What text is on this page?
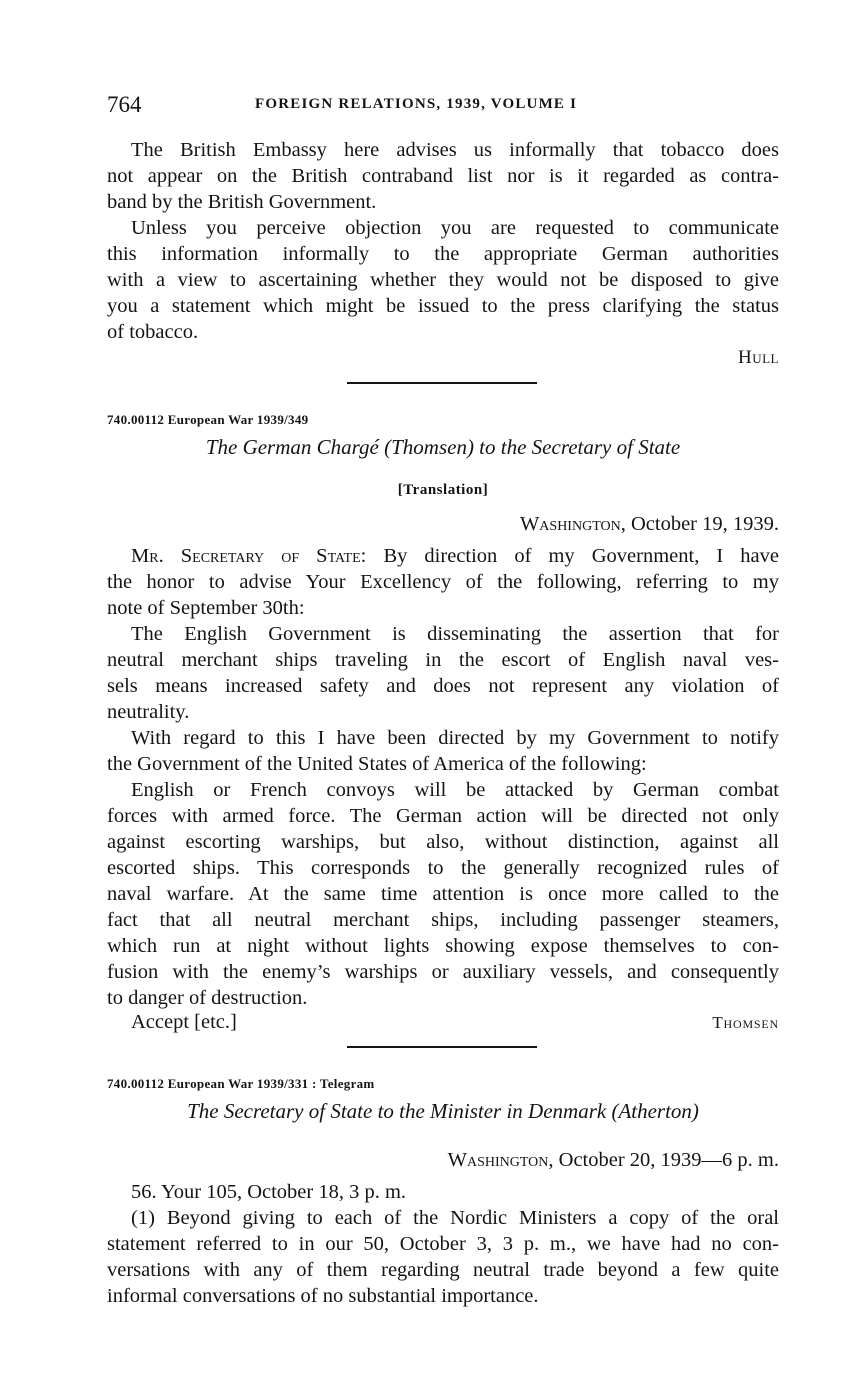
764	FOREIGN RELATIONS, 1939, VOLUME I
The British Embassy here advises us informally that tobacco does
not appear on the British contraband list nor is it regarded as contra-
band by the British Government.
Unless you perceive objection you are requested to communicate
this information informally to the appropriate German authorities
with a view to ascertaining whether they would not be disposed to give
you a statement which might be issued to the press clarifying the status
of tobacco.
Hull
740.00112 European War 1939/349
The German Chargé (Thomsen) to the Secretary of State
[Translation]
Washington, October 19, 1939.
Mr. Secretary of State: By direction of my Government, I have
the honor to advise Your Excellency of the following, referring to my
note of September 30th:
The English Government is disseminating the assertion that for
neutral merchant ships traveling in the escort of English naval ves-
sels means increased safety and does not represent any violation of
neutrality.
With regard to this I have been directed by my Government to notify
the Government of the United States of America of the following:
English or French convoys will be attacked by German combat
forces with armed force. The German action will be directed not only
against escorting warships, but also, without distinction, against all
escorted ships. This corresponds to the generally recognized rules of
naval warfare. At the same time attention is once more called to the
fact that all neutral merchant ships, including passenger steamers,
which run at night without lights showing expose themselves to con-
fusion with the enemy’s warships or auxiliary vessels, and consequently
to danger of destruction.
Accept [etc.]	Thomsen
740.00112 European War 1939/331 : Telegram
The Secretary of State to the Minister in Denmark (Atherton)
Washington, October 20, 1939—6 p. m.
56. Your 105, October 18, 3 p. m.
(1) Beyond giving to each of the Nordic Ministers a copy of the oral
statement referred to in our 50, October 3, 3 p. m., we have had no con-
versations with any of them regarding neutral trade beyond a few quite
informal conversations of no substantial importance.
